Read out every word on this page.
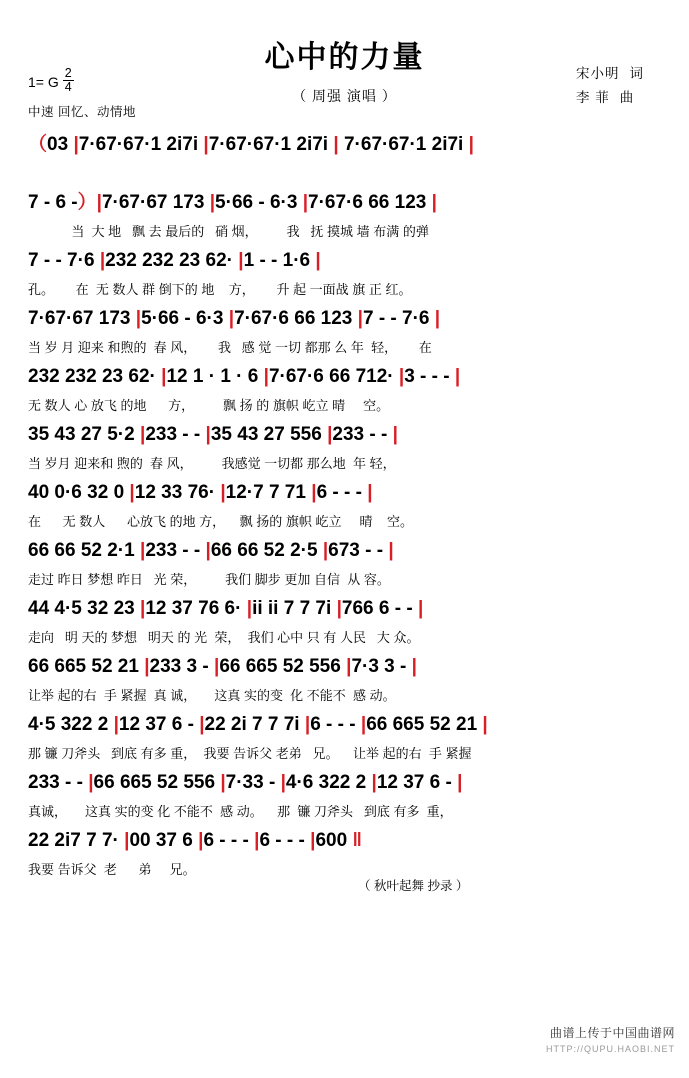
心中的力量
（ 周强 演唱 ）
宋小明 词
李 菲 曲
1= G $\frac{2}{4}$
中速 回忆、动情地
（03 |7·67·67·1 2i7i |7·67·67·1 2i7i | 7·67·67·1 2i7i |
7 - 6 -）|7·67·67 173 |5·66 - 6·3 |7·67·6 66 123 |
当  大 地   飘 去 最后的   硝 烟，        我   抚 摸城 墙 布满 的弹
7 - - 7·6 |232 232 23 62· |1 - - 1·6 |
孔。      在  无 数人 群 倒下的 地    方，      升 起 一面战 旗 正 红。
7·67·67 173 |5·66 - 6·3 |7·67·6 66 123 |7 - - 7·6 |
当 岁 月 迎来 和煦的  春 风，      我   感 觉 一切 都那 么 年  轻，      在
232 232 23 62· |12 1 · 1 · 6 |7·67·6 66 712· |3 - - - |
无 数人 心 放飞 的地      方，        飘 扬 的 旗帜 屹立 晴     空。
35 43 27 5·2 |233 - - |35 43 27 556 |233 - - |
当 岁月 迎来和 煦的  春 风，        我感觉 一切都 那么地  年 轻，
40 0·6 32 0 |12 33 76· |12·7 7 71 |6 - - - |
在      无 数人      心放飞 的地 方，    飘 扬的 旗帜 屹立     晴    空。
66 66 52 2·1 |233 - - |66 66 52 2·5 |673 - - |
走过 昨日 梦想 昨日   光 荣，        我们 脚步 更加 自信  从 容。
44 4·5 32 23 |12 37 76 6· |ii ii 7 7 7i |766 6 - - |
走向   明 天的 梦想   明天 的 光  荣，  我们 心中 只 有 人民   大 众。
66 665 52 21 |233 3 - |66 665 52 556 |7·3 3 - |
让举 起的右  手 紧握  真 诚，     这真 实的变  化 不能不  感 动。
4·5 322 2 |12 37 6 - |22 2i 7 7 7i |6 - - - |66 665 52 21 |
那 镰 刀斧头   到底 有多 重，  我要 告诉父 老弟   兄。    让举 起的右  手 紧握
233 - - |66 665 52 556 |7·33 - |4·6 322 2 |12 37 6 - |
真诚，     这真 实的变 化 不能不  感 动。    那  镰 刀斧头   到底 有多  重，
22 2i7 7 7· |00 37 6 |6 - - - |6 - - - |600 ‖
我要 告诉父  老      弟     兄。
（ 秋叶起舞 抄录 ）
曲谱上传于中国曲谱网
HTTP://QUPU.HAOBI.NET
